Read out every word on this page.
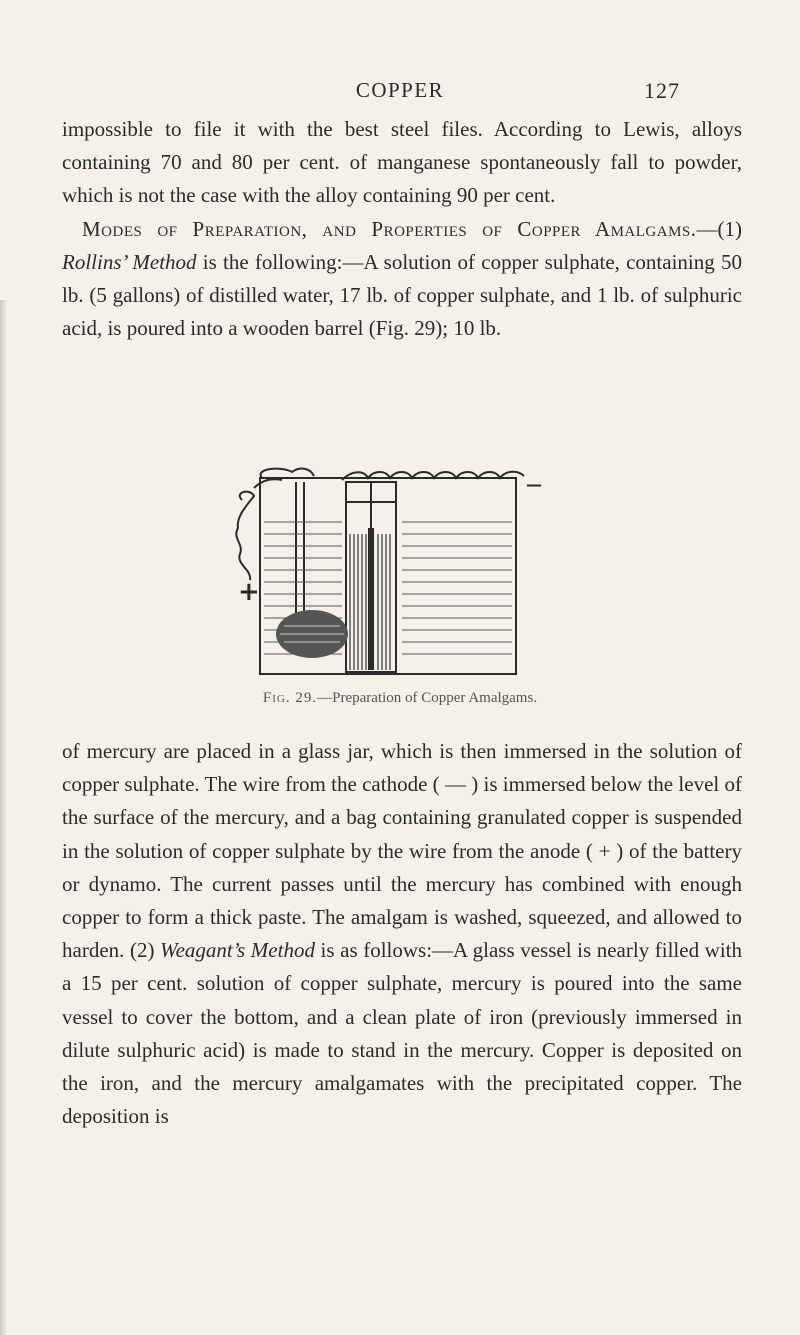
COPPER	127
impossible to file it with the best steel files. According to Lewis, alloys containing 70 and 80 per cent. of manganese spontaneously fall to powder, which is not the case with the alloy containing 90 per cent.
Modes of Preparation, and Properties of Copper Amalgams.—(1) Rollins’ Method is the following:—A solution of copper sulphate, containing 50 lb. (5 gallons) of distilled water, 17 lb. of copper sulphate, and 1 lb. of sulphuric acid, is poured into a wooden barrel (Fig. 29); 10 lb.
+
—
Fig. 29.—Preparation of Copper Amalgams.
of mercury are placed in a glass jar, which is then immersed in the solution of copper sulphate. The wire from the cathode ( — ) is immersed below the level of the surface of the mercury, and a bag containing granulated copper is suspended in the solution of copper sulphate by the wire from the anode ( + ) of the battery or dynamo. The current passes until the mercury has combined with enough copper to form a thick paste. The amalgam is washed, squeezed, and allowed to harden. (2) Weagant’s Method is as follows:—A glass vessel is nearly filled with a 15 per cent. solution of copper sulphate, mercury is poured into the same vessel to cover the bottom, and a clean plate of iron (previously immersed in dilute sulphuric acid) is made to stand in the mercury. Copper is deposited on the iron, and the mercury amalgamates with the precipitated copper. The deposition is
